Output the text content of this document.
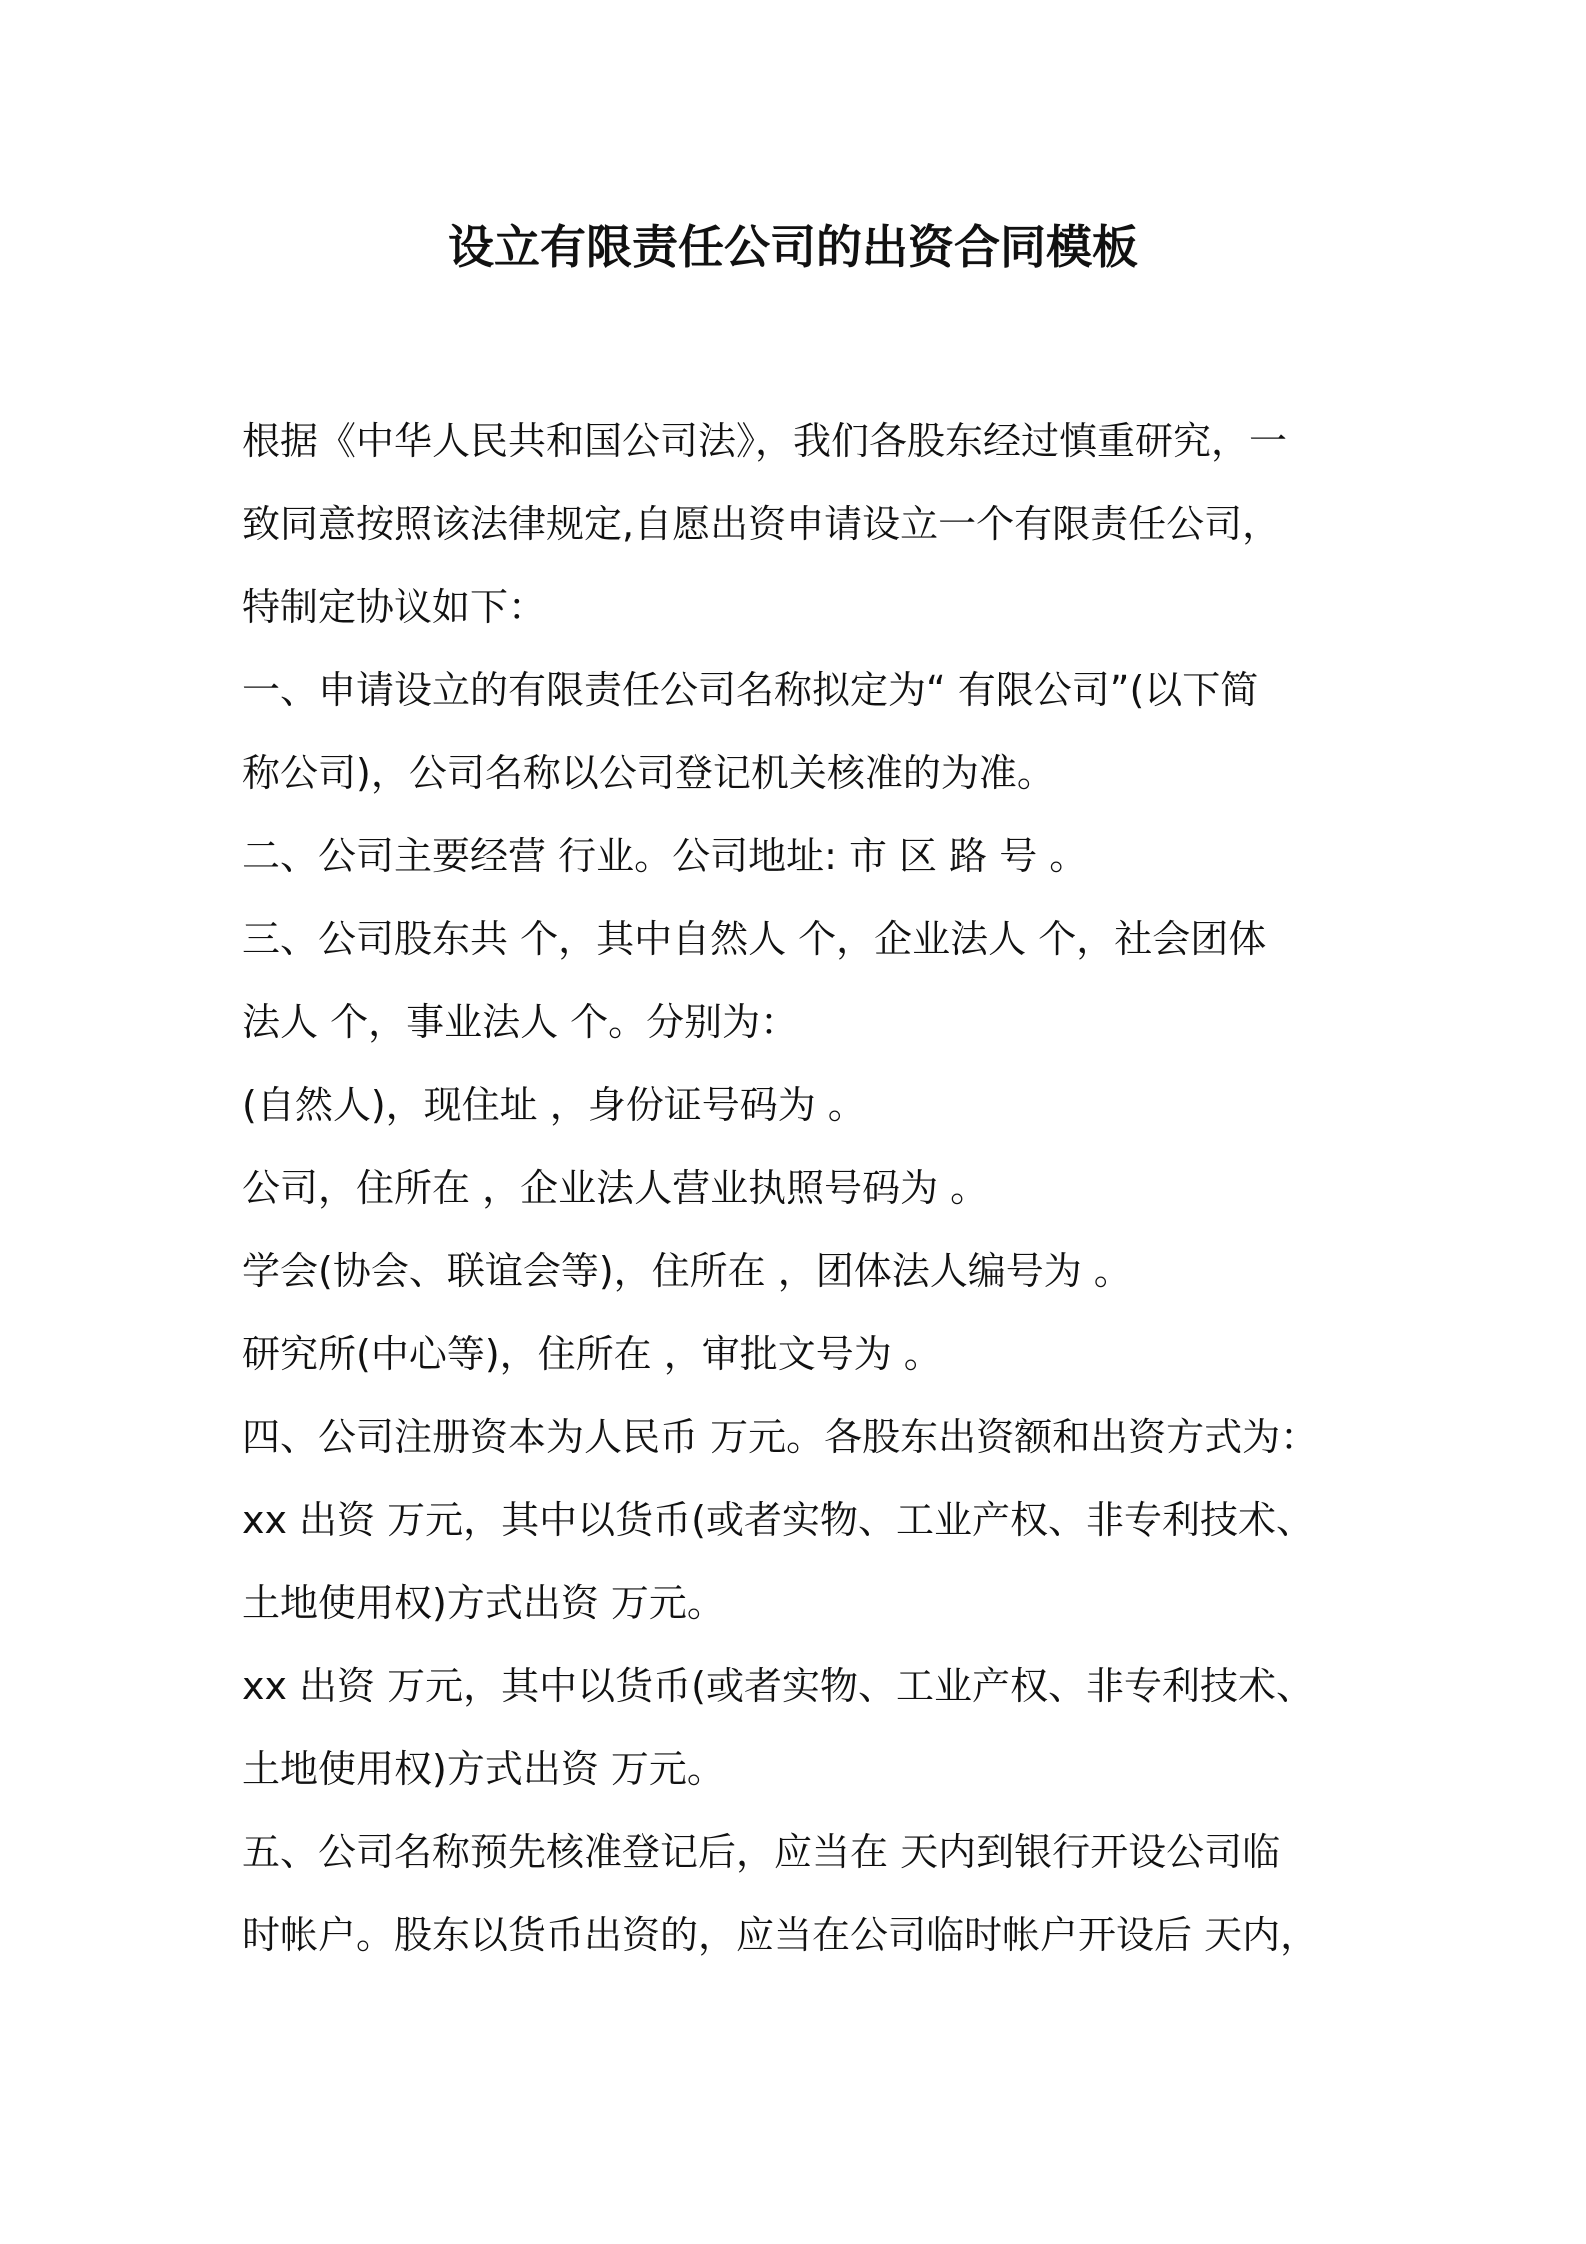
设立有限责任公司的出资合同模板
根据《中华人民共和国公司法》，我们各股东经过慎重研究，一
致同意按照该法律规定,自愿出资申请设立一个有限责任公司，
特制定协议如下：
一、申请设立的有限责任公司名称拟定为“ 有限公司”(以下简
称公司)，公司名称以公司登记机关核准的为准。
二、公司主要经营 行业。公司地址: 市 区 路 号 。
三、公司股东共 个，其中自然人 个，企业法人 个，社会团体
法人 个，事业法人 个。分别为：
(自然人)，现住址 ，身份证号码为 。
公司，住所在 ，企业法人营业执照号码为 。
学会(协会、联谊会等)，住所在 ，团体法人编号为 。
研究所(中心等)，住所在 ，审批文号为 。
四、公司注册资本为人民币 万元。各股东出资额和出资方式为：
xx 出资 万元，其中以货币(或者实物、工业产权、非专利技术、
土地使用权)方式出资 万元。
xx 出资 万元，其中以货币(或者实物、工业产权、非专利技术、
土地使用权)方式出资 万元。
五、公司名称预先核准登记后，应当在 天内到银行开设公司临
时帐户。股东以货币出资的，应当在公司临时帐户开设后 天内，
